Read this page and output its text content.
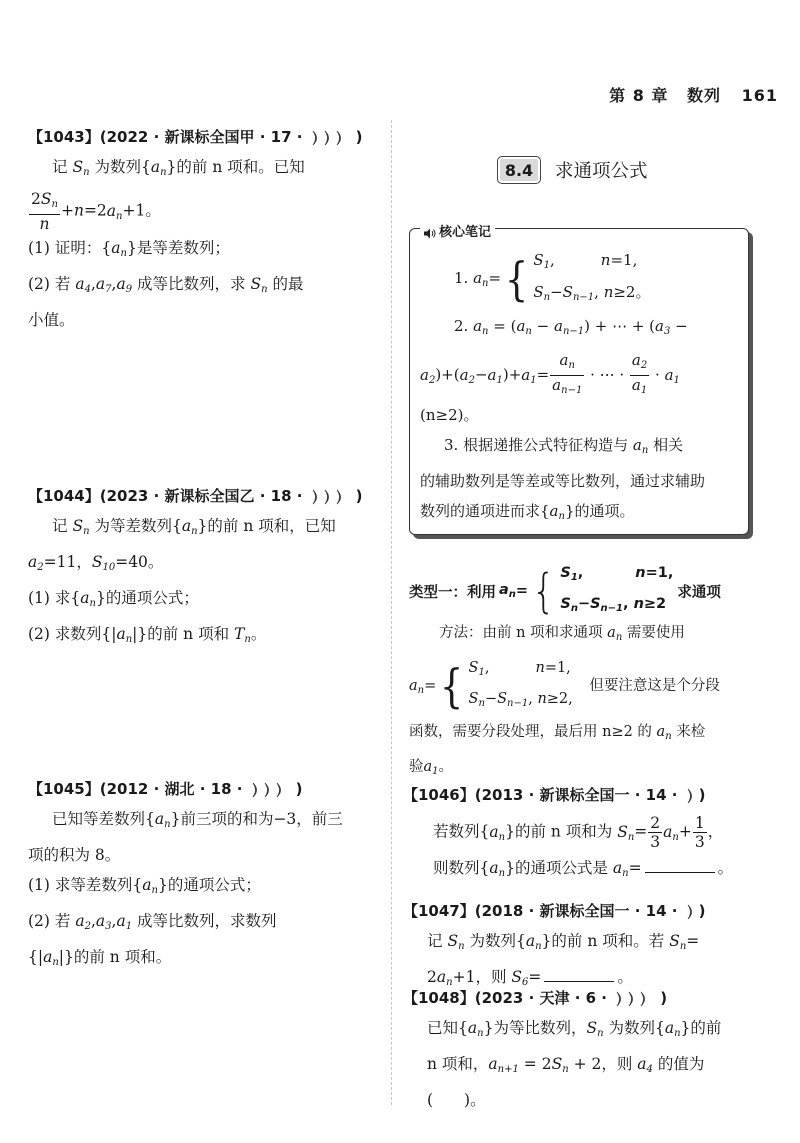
第 8 章 数列 161
【1043】(2022 · 新课标全国甲 · 17 ·	)
记 $S_n$ 为数列$\{a_n\}$的前 n 项和。已知
$\frac{2S_n}{n} +n=2a_n+1$。
(1) 证明：$\{a_n\}$是等差数列；
(2) 若 $a_4,a_7,a_9$ 成等比数列，求 $S_n$ 的最
小值。
【1044】(2023 · 新课标全国乙 · 18 ·	)
记 $S_n$ 为等差数列$\{a_n\}$的前 n 项和，已知
$a_2=11$，$S_{10}=40$。
(1) 求$\{a_n\}$的通项公式；
(2) 求数列$\{|a_n|\}$的前 n 项和 $T_n$。
【1045】(2012 · 湖北 · 18 ·	)
已知等差数列$\{a_n\}$前三项的和为−3，前三
项的积为 8。
(1) 求等差数列$\{a_n\}$的通项公式；
(2) 若 $a_2,a_3,a_1$ 成等比数列，求数列
$\{|a_n|\}$的前 n 项和。
8.4	求通项公式
核心笔记
1. $a_n=$ { $S_1$,	n=1,
$S_n-S_{n-1}$, n≥2。
2. $a_n = (a_n - a_{n-1})$ + ⋯ + ($a_3$ −
$a_2)+(a_2-a_1)+a_1= \frac{a_n}{a_{n-1}}$ · ⋯ · $\frac{a_2}{a_1} \cdot a_1$
(n≥2)。
3. 根据递推公式特征构造与 $a_n$ 相关
的辅助数列是等差或等比数列，通过求辅助
数列的通项进而求$\{a_n\}$的通项。
类型一：利用 $a_n$ = { $S_1$,	n=1,
$S_n-S_{n-1}$, n≥2
求通项
方法：由前 n 项和求通项 $a_n$ 需要使用
$a_n=$ { $S_1$,	n=1,
$S_n-S_{n-1}$, n≥2,
但要注意这是个分段
函数，需要分段处理，最后用 n≥2 的 $a_n$ 来检
验$a_1$。
【1046】(2013 · 新课标全国一 · 14 · )
若数列$\{a_n\}$的前 n 项和为 $S_n= \frac{2}{3} a_n+ \frac{1}{3}$ ，
则数列$\{a_n\}$的通项公式是 $a_n=$	。
【1047】(2018 · 新课标全国一 · 14 · )
记 $S_n$ 为数列$\{a_n\}$的前 n 项和。若 $S_n=$
$2a_n+1$，则 $S_6=$	。
【1048】(2023 · 天津 · 6 ·	)
已知$\{a_n\}$为等比数列，$S_n$ 为数列$\{a_n\}$的前
n 项和，$a_{n+1} = 2S_n + 2$，则 $a_4$ 的值为
(　　)。
